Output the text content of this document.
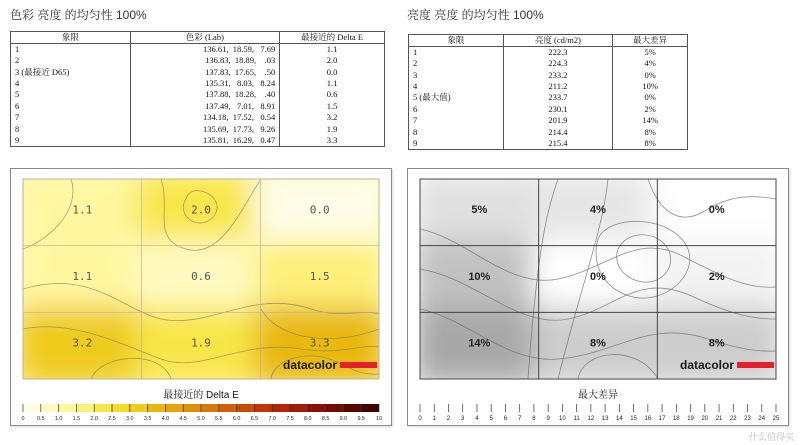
色彩 亮度 的均匀性 100%
象限	色彩 (Lab)	最接近的 Delta E
1	136.61,  18.59,   7.69	1.1
2	136.83,  18.89,    .03	2.0
3 (最接近 D65)	137.83,  17.65,    .50	0.0
4	135.31,   8.03,   8.24	1.1
5	137.88,  18.28,    .40	0.6
6	137.49,   7.01,   8.91	1.5
7	134.18,  17.52,   0.54	3.2
8	135.69,  17.73,   9.26	1.9
9	135.81,  16.29,   0.47	3.3
1.1	2.0	0.0
1.1	0.6	1.5
3.2	1.9	3.3
datacolor
最接近的 Delta E
0 0.5 1.0 1.5 2.0 2.5 3.0 3.5 4.0 4.5 5.0 5.5 6.0 6.5 7.0 7.5 8.0 8.5 9.0 9.5 10
亮度 亮度 的均匀性 100%
象限	亮度 (cd/m2)	最大差异
1	222.3	5%
2	224.3	4%
3	233.2	0%
4	211.2	10%
5 (最大值)	233.7	0%
6	230.1	2%
7	201.9	14%
8	214.4	8%
9	215.4	8%
5%	4%	0%
10%	0%	2%
14%	8%	8%
datacolor
最大差异
0 1 2 3 4 5 6 7 8 9 10 11 12 13 14 15 16 17 18 19 20 21 22 23 24 25
什么值得买
